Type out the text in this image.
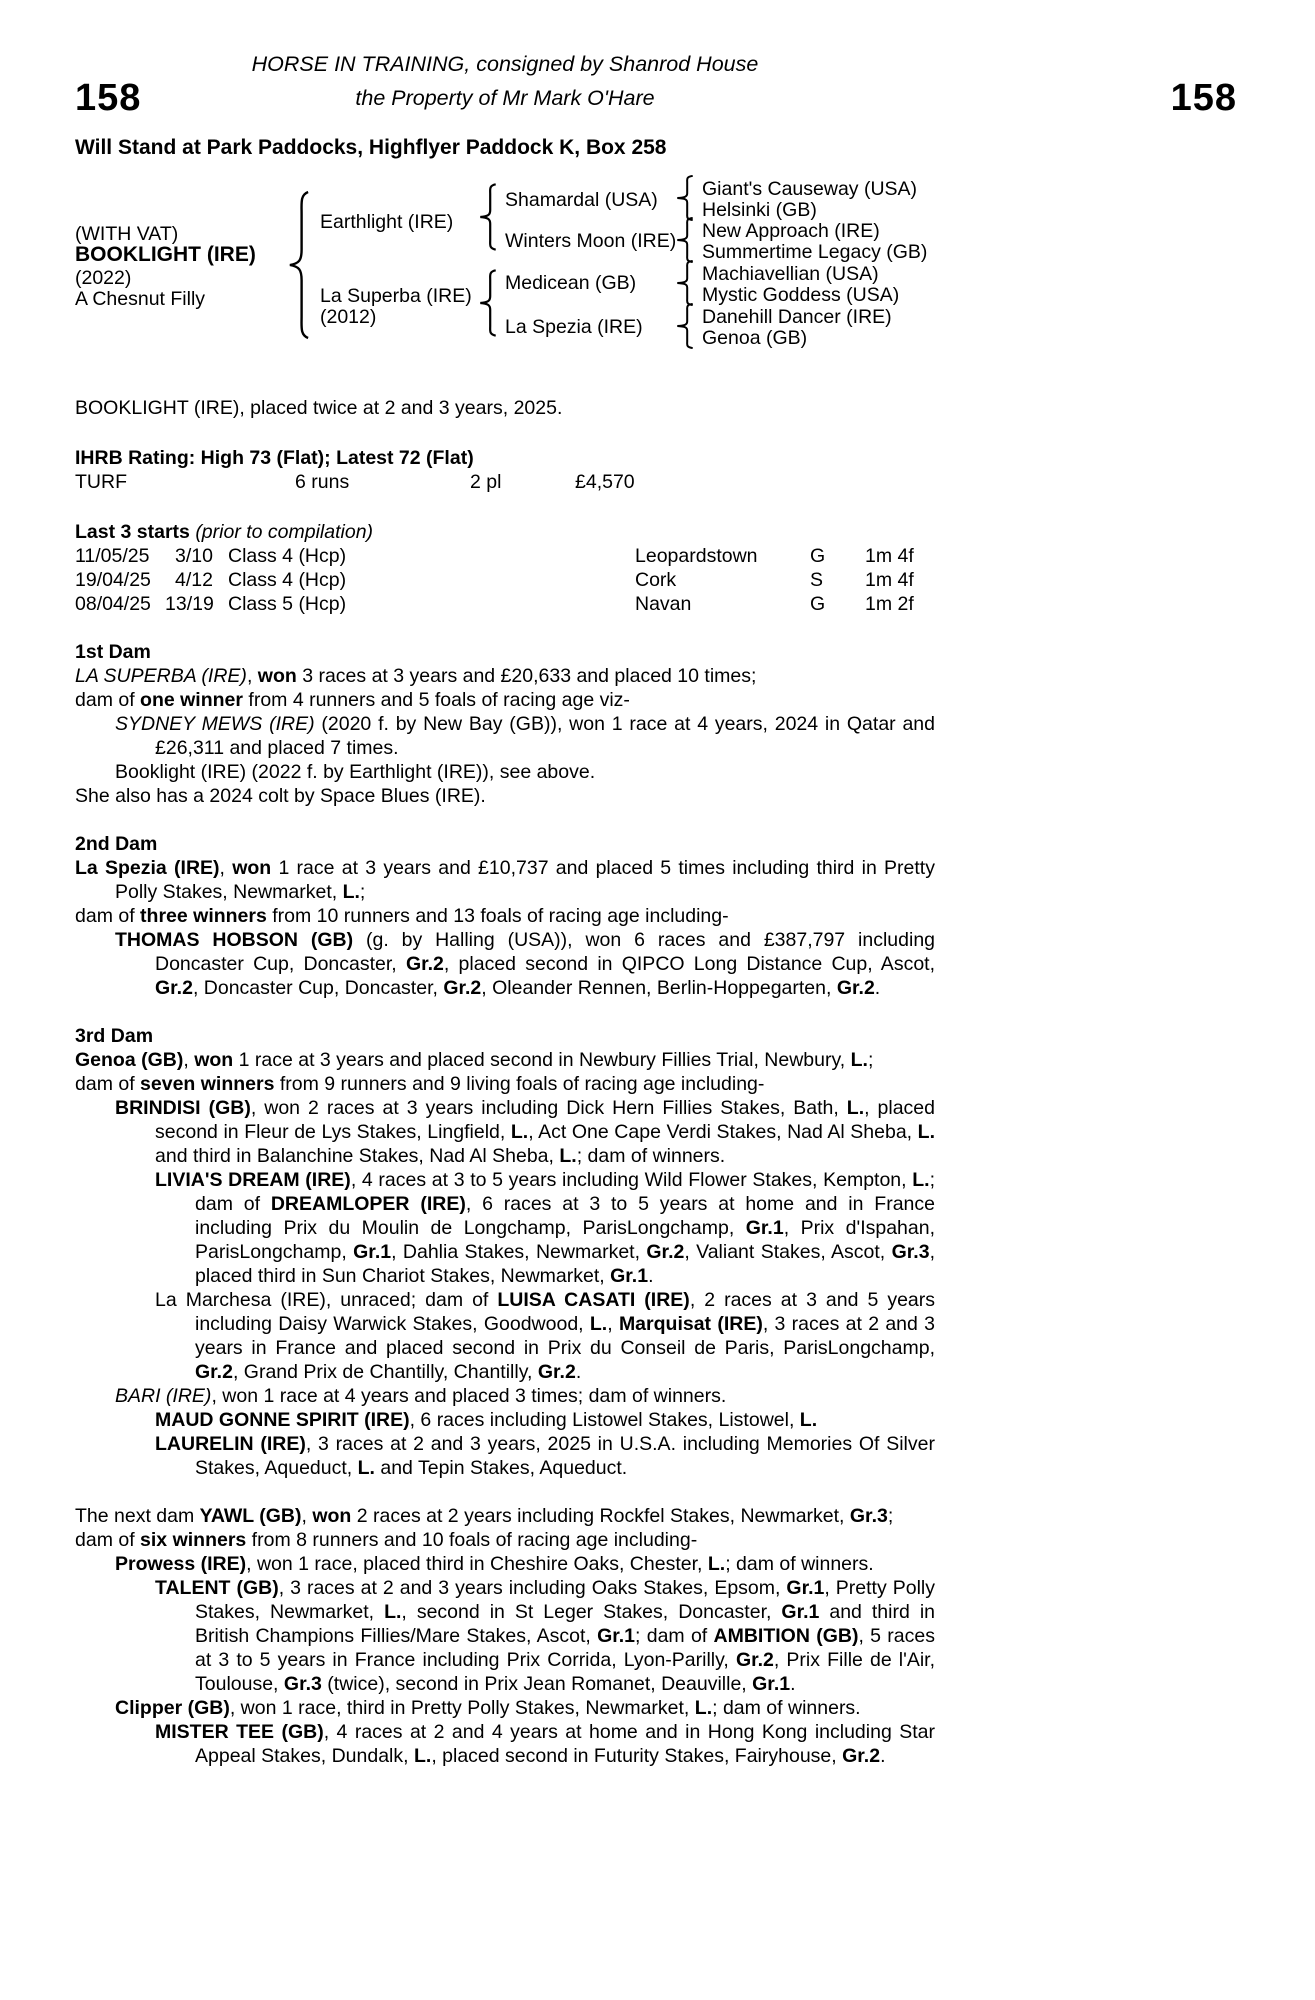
HORSE IN TRAINING, consigned by Shanrod House
158	the Property of Mr Mark O'Hare	158
Will Stand at Park Paddocks, Highflyer Paddock K, Box 258
(WITH VAT)
BOOKLIGHT (IRE)
(2022)
A Chesnut Filly
Earthlight (IRE)
La Superba (IRE)
(2012)
Shamardal (USA)
Winters Moon (IRE)
Medicean (GB)
La Spezia (IRE)
Giant's Causeway (USA)
Helsinki (GB)
New Approach (IRE)
Summertime Legacy (GB)
Machiavellian (USA)
Mystic Goddess (USA)
Danehill Dancer (IRE)
Genoa (GB)

BOOKLIGHT (IRE), placed twice at 2 and 3 years, 2025.

IHRB Rating: High 73 (Flat); Latest 72 (Flat)

TURF	6 runs	2 pl	£4,570

Last 3 starts (prior to compilation)

11/05/25	3/10 Class 4 (Hcp)	Leopardstown	G	1m 4f
19/04/25	4/12 Class 4 (Hcp)	Cork	S	1m 4f
08/04/25 13/19 Class 5 (Hcp)	Navan	G	1m 2f

1st Dam

LA SUPERBA (IRE), won 3 races at 3 years and £20,633 and placed 10 times;

dam of one winner from 4 runners and 5 foals of racing age viz-

SYDNEY MEWS (IRE) (2020 f. by New Bay (GB)), won 1 race at 4 years, 2024 in Qatar and £26,311 and placed 7 times.

Booklight (IRE) (2022 f. by Earthlight (IRE)), see above.

She also has a 2024 colt by Space Blues (IRE).

2nd Dam

La Spezia (IRE), won 1 race at 3 years and £10,737 and placed 5 times including third in Pretty Polly Stakes, Newmarket, L.;

dam of three winners from 10 runners and 13 foals of racing age including-

THOMAS HOBSON (GB) (g. by Halling (USA)), won 6 races and £387,797 including Doncaster Cup, Doncaster, Gr.2, placed second in QIPCO Long Distance Cup, Ascot, Gr.2, Doncaster Cup, Doncaster, Gr.2, Oleander Rennen, Berlin-Hoppegarten, Gr.2.

3rd Dam

Genoa (GB), won 1 race at 3 years and placed second in Newbury Fillies Trial, Newbury, L.;

dam of seven winners from 9 runners and 9 living foals of racing age including-

BRINDISI (GB), won 2 races at 3 years including Dick Hern Fillies Stakes, Bath, L., placed second in Fleur de Lys Stakes, Lingfield, L., Act One Cape Verdi Stakes, Nad Al Sheba, L. and third in Balanchine Stakes, Nad Al Sheba, L.; dam of winners.

LIVIA'S DREAM (IRE), 4 races at 3 to 5 years including Wild Flower Stakes, Kempton, L.; dam of DREAMLOPER (IRE), 6 races at 3 to 5 years at home and in France including Prix du Moulin de Longchamp, ParisLongchamp, Gr.1, Prix d'Ispahan, ParisLongchamp, Gr.1, Dahlia Stakes, Newmarket, Gr.2, Valiant Stakes, Ascot, Gr.3, placed third in Sun Chariot Stakes, Newmarket, Gr.1.

La Marchesa (IRE), unraced; dam of LUISA CASATI (IRE), 2 races at 3 and 5 years including Daisy Warwick Stakes, Goodwood, L., Marquisat (IRE), 3 races at 2 and 3 years in France and placed second in Prix du Conseil de Paris, ParisLongchamp, Gr.2, Grand Prix de Chantilly, Chantilly, Gr.2.

BARI (IRE), won 1 race at 4 years and placed 3 times; dam of winners.

MAUD GONNE SPIRIT (IRE), 6 races including Listowel Stakes, Listowel, L.

LAURELIN (IRE), 3 races at 2 and 3 years, 2025 in U.S.A. including Memories Of Silver Stakes, Aqueduct, L. and Tepin Stakes, Aqueduct.

The next dam YAWL (GB), won 2 races at 2 years including Rockfel Stakes, Newmarket, Gr.3;

dam of six winners from 8 runners and 10 foals of racing age including-

Prowess (IRE), won 1 race, placed third in Cheshire Oaks, Chester, L.; dam of winners.

TALENT (GB), 3 races at 2 and 3 years including Oaks Stakes, Epsom, Gr.1, Pretty Polly Stakes, Newmarket, L., second in St Leger Stakes, Doncaster, Gr.1 and third in British Champions Fillies/Mare Stakes, Ascot, Gr.1; dam of AMBITION (GB), 5 races at 3 to 5 years in France including Prix Corrida, Lyon-Parilly, Gr.2, Prix Fille de l'Air, Toulouse, Gr.3 (twice), second in Prix Jean Romanet, Deauville, Gr.1.

Clipper (GB), won 1 race, third in Pretty Polly Stakes, Newmarket, L.; dam of winners.

MISTER TEE (GB), 4 races at 2 and 4 years at home and in Hong Kong including Star Appeal Stakes, Dundalk, L., placed second in Futurity Stakes, Fairyhouse, Gr.2.
